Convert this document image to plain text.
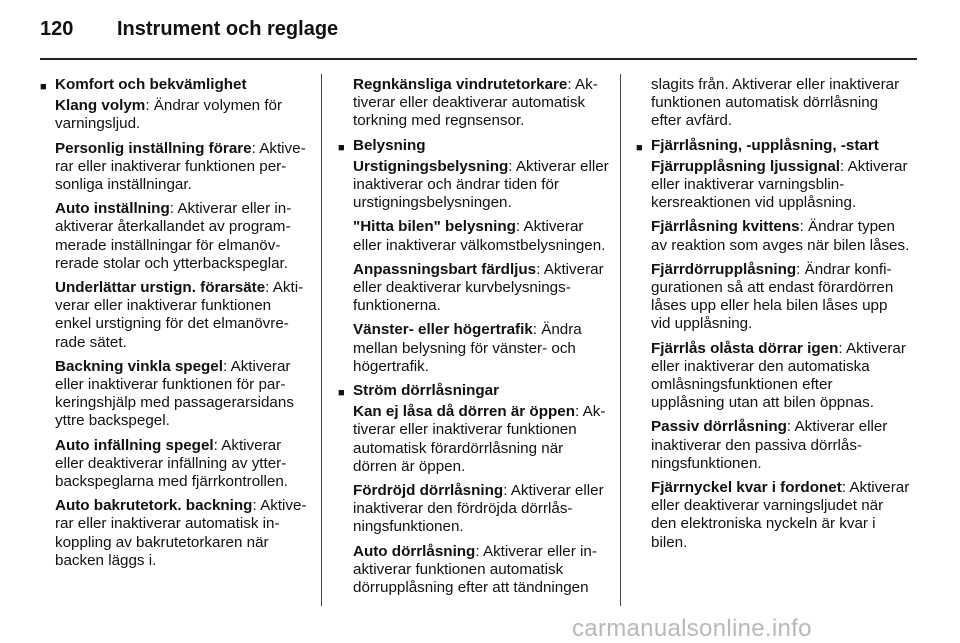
120 Instrument och reglage
■ Komfort och bekvämlighet

Klang volym: Ändrar volymen för varningsljud.

Personlig inställning förare: Aktiverar eller inaktiverar funktionen personliga inställningar.

Auto inställning: Aktiverar eller inaktiverar återkallandet av programmerade inställningar för elmanövrerade stolar och ytterbackspeglar.

Underlättar urstign. förarsäte: Aktiverar eller inaktiverar funktionen enkel urstigning för det elmanövrerade sätet.

Backning vinkla spegel: Aktiverar eller inaktiverar funktionen för parkeringshjälp med passagerarsidans yttre backspegel.

Auto infällning spegel: Aktiverar eller deaktiverar infällning av ytterbackspeglarna med fjärrkontrollen.

Auto bakrutetork. backning: Aktiverar eller inaktiverar automatisk inkoppling av bakrutetorkaren när backen läggs i.

Regnkänsliga vindrutetorkare: Aktiverar eller deaktiverar automatisk torkning med regnsensor.

■ Belysning

Urstigningsbelysning: Aktiverar eller inaktiverar och ändrar tiden för urstigningsbelysningen.

"Hitta bilen" belysning: Aktiverar eller inaktiverar välkomstbelysningen.

Anpassningsbart färdljus: Aktiverar eller deaktiverar kurvbelysningsfunktionerna.

Vänster- eller högertrafik: Ändra mellan belysning för vänster- och högertrafik.

■ Ström dörrlåsningar

Kan ej låsa då dörren är öppen: Aktiverar eller inaktiverar funktionen automatisk förardörrlåsning när dörren är öppen.

Fördröjd dörrlåsning: Aktiverar eller inaktiverar den fördröjda dörrlåsningsfunktionen.

Auto dörrlåsning: Aktiverar eller inaktiverar funktionen automatisk dörrupplåsning efter att tändningen

slagits från. Aktiverar eller inaktiverar funktionen automatisk dörrlåsning efter avfärd.

■ Fjärrlåsning, -upplåsning, -start

Fjärrupplåsning ljussignal: Aktiverar eller inaktiverar varningsblinkersreaktionen vid upplåsning.

Fjärrlåsning kvittens: Ändrar typen av reaktion som avges när bilen låses.

Fjärrdörrupplåsning: Ändrar konfigurationen så att endast förardörren låses upp eller hela bilen låses upp vid upplåsning.

Fjärrlås olåsta dörrar igen: Aktiverar eller inaktiverar den automatiska omlåsningsfunktionen efter upplåsning utan att bilen öppnas.

Passiv dörrlåsning: Aktiverar eller inaktiverar den passiva dörrlåsningsfunktionen.

Fjärrnyckel kvar i fordonet: Aktiverar eller deaktiverar varningsljudet när den elektroniska nyckeln är kvar i bilen.

carmanualsonline.info
